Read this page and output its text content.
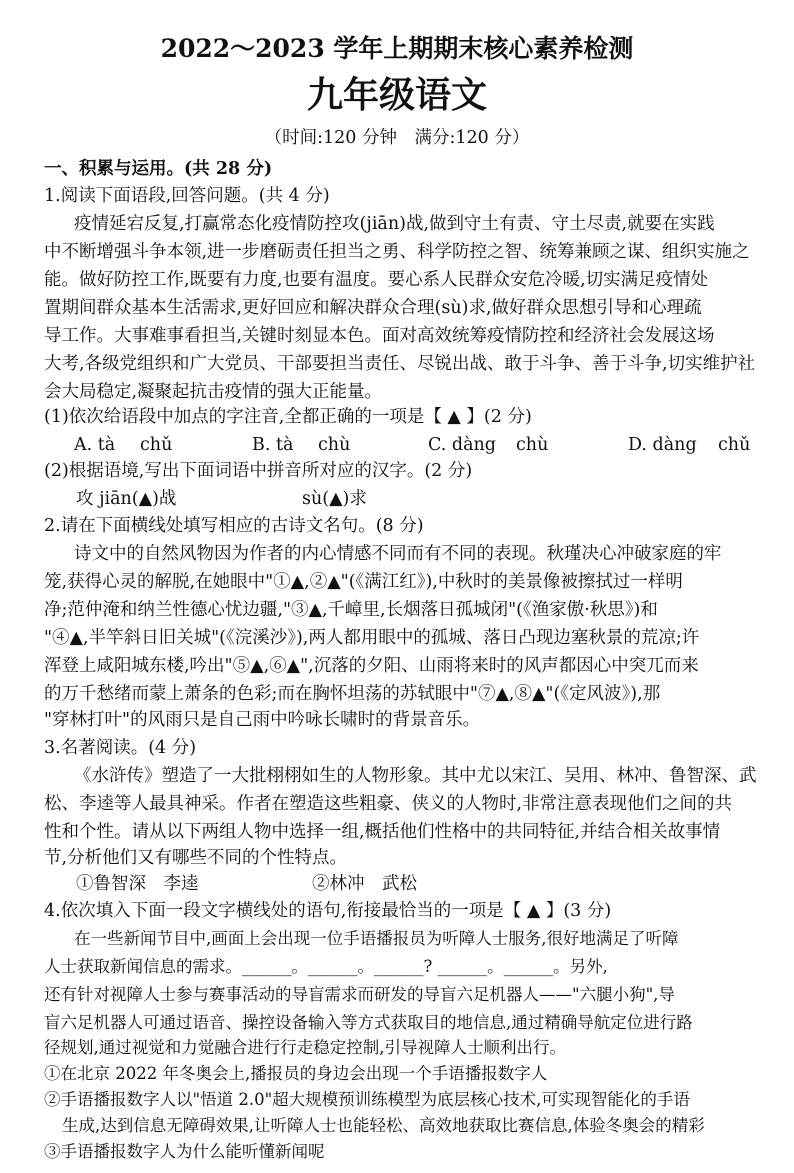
2022～2023 学年上期期末核心素养检测
九年级语文
（时间:120 分钟　满分:120 分）
一、积累与运用。(共 28 分)
1.阅读下面语段,回答问题。(共 4 分)
疫情延宕反复,打赢常态化疫情防控攻(jiān)战,做到守土有责、守土尽责,就要在实践
中不断增强斗争本领,进一步磨砺责任担当之勇、科学防控之智、统筹兼顾之谋、组织实施之
能。做好防控工作,既要有力度,也要有温度。要心系人民群众安危冷暖,切实满足疫情处
置期间群众基本生活需求,更好回应和解决群众合理(sù)求,做好群众思想引导和心理疏
导工作。大事难事看担当,关键时刻显本色。面对高效统筹疫情防控和经济社会发展这场
大考,各级党组织和广大党员、干部要担当责任、尽锐出战、敢于斗争、善于斗争,切实维护社
会大局稳定,凝聚起抗击疫情的强大正能量。
(1)依次给语段中加点的字注音,全都正确的一项是【 ▲ 】(2 分)
A. tà chǔ	B. tà chù	C. dàng chù	D. dàng chǔ
(2)根据语境,写出下面词语中拼音所对应的汉字。(2 分)
攻 jiān(▲)战	sù(▲)求
2.请在下面横线处填写相应的古诗文名句。(8 分)
诗文中的自然风物因为作者的内心情感不同而有不同的表现。秋瑾决心冲破家庭的牢
笼,获得心灵的解脱,在她眼中"①▲,②▲"(《满江红》),中秋时的美景像被擦拭过一样明
净;范仲淹和纳兰性德心忧边疆,"③▲,千嶂里,长烟落日孤城闭"(《渔家傲·秋思》)和
"④▲,半竿斜日旧关城"(《浣溪沙》),两人都用眼中的孤城、落日凸现边塞秋景的荒凉;许
浑登上咸阳城东楼,吟出"⑤▲,⑥▲",沉落的夕阳、山雨将来时的风声都因心中突兀而来
的万千愁绪而蒙上萧条的色彩;而在胸怀坦荡的苏轼眼中"⑦▲,⑧▲"(《定风波》),那
"穿林打叶"的风雨只是自己雨中吟咏长啸时的背景音乐。
3.名著阅读。(4 分)
《水浒传》塑造了一大批栩栩如生的人物形象。其中尤以宋江、吴用、林冲、鲁智深、武
松、李逵等人最具神采。作者在塑造这些粗豪、侠义的人物时,非常注意表现他们之间的共
性和个性。请从以下两组人物中选择一组,概括他们性格中的共同特征,并结合相关故事情
节,分析他们又有哪些不同的个性特点。
①鲁智深　李逵	②林冲　武松
4.依次填入下面一段文字横线处的语句,衔接最恰当的一项是【 ▲ 】(3 分)
在一些新闻节目中,画面上会出现一位手语播报员为听障人士服务,很好地满足了听障
人士获取新闻信息的需求。______。______。______? ______。______。另外,
还有针对视障人士参与赛事活动的导盲需求而研发的导盲六足机器人——"六腿小狗",导
盲六足机器人可通过语音、操控设备输入等方式获取目的地信息,通过精确导航定位进行路
径规划,通过视觉和力觉融合进行行走稳定控制,引导视障人士顺利出行。
①在北京 2022 年冬奥会上,播报员的身边会出现一个手语播报数字人
②手语播报数字人以"悟道 2.0"超大规模预训练模型为底层核心技术,可实现智能化的手语
生成,达到信息无障碍效果,让听障人士也能轻松、高效地获取比赛信息,体验冬奥会的精彩
③手语播报数字人为什么能听懂新闻呢
